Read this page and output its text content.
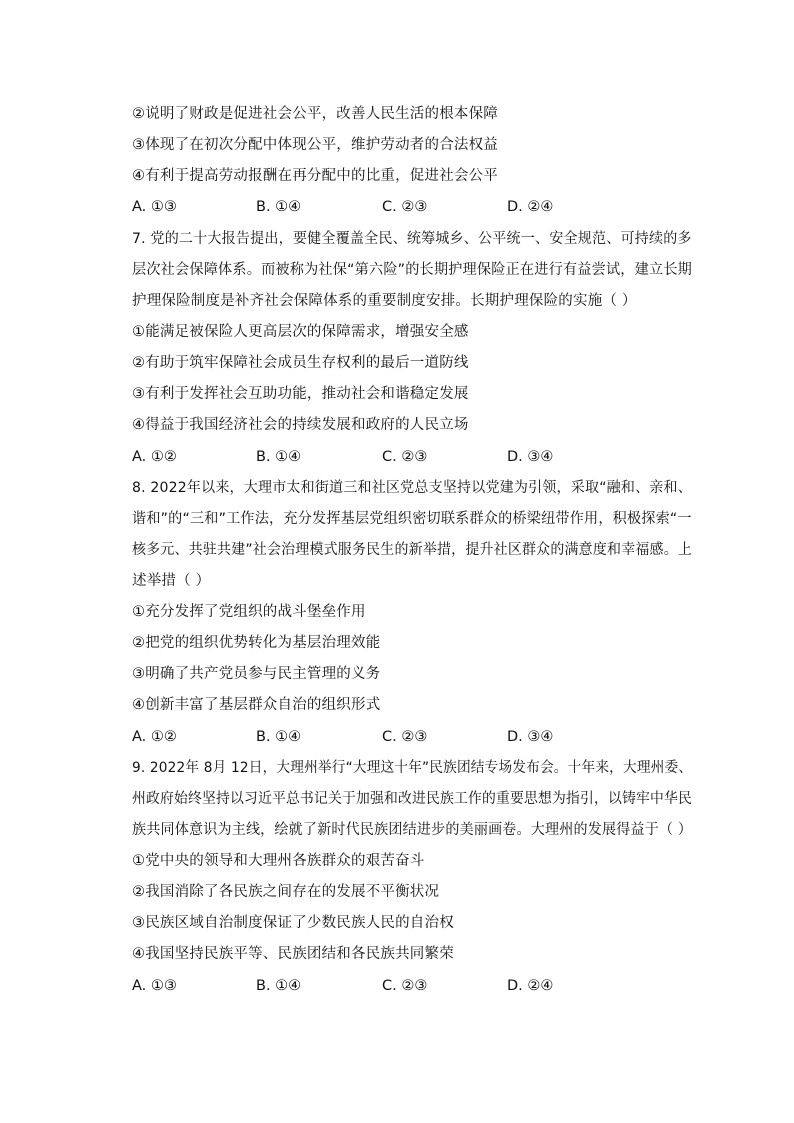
②说明了财政是促进社会公平，改善人民生活的根本保障
③体现了在初次分配中体现公平，维护劳动者的合法权益
④有利于提高劳动报酬在再分配中的比重，促进社会公平
A. ①③	B. ①④	C. ②③	D. ②④
7. 党的二十大报告提出，要健全覆盖全民、统筹城乡、公平统一、安全规范、可持续的多
层次社会保障体系。而被称为社保“第六险”的长期护理保险正在进行有益尝试，建立长期
护理保险制度是补齐社会保障体系的重要制度安排。长期护理保险的实施（ ）
①能满足被保险人更高层次的保障需求，增强安全感
②有助于筑牢保障社会成员生存权利的最后一道防线
③有利于发挥社会互助功能，推动社会和谐稳定发展
④得益于我国经济社会的持续发展和政府的人民立场
A. ①②	B. ①④	C. ②③	D. ③④
8. 2022年以来，大理市太和街道三和社区党总支坚持以党建为引领，采取“融和、亲和、
谐和”的“三和”工作法，充分发挥基层党组织密切联系群众的桥梁纽带作用，积极探索“一
核多元、共驻共建”社会治理模式服务民生的新举措，提升社区群众的满意度和幸福感。上
述举措（ ）
①充分发挥了党组织的战斗堡垒作用
②把党的组织优势转化为基层治理效能
③明确了共产党员参与民主管理的义务
④创新丰富了基层群众自治的组织形式
A. ①②	B. ①④	C. ②③	D. ③④
9. 2022年 8月 12日，大理州举行“大理这十年”民族团结专场发布会。十年来，大理州委、
州政府始终坚持以习近平总书记关于加强和改进民族工作的重要思想为指引，以铸牢中华民
族共同体意识为主线，绘就了新时代民族团结进步的美丽画卷。大理州的发展得益于（ ）
①党中央的领导和大理州各族群众的艰苦奋斗
②我国消除了各民族之间存在的发展不平衡状况
③民族区域自治制度保证了少数民族人民的自治权
④我国坚持民族平等、民族团结和各民族共同繁荣
A. ①③	B. ①④	C. ②③	D. ②④
